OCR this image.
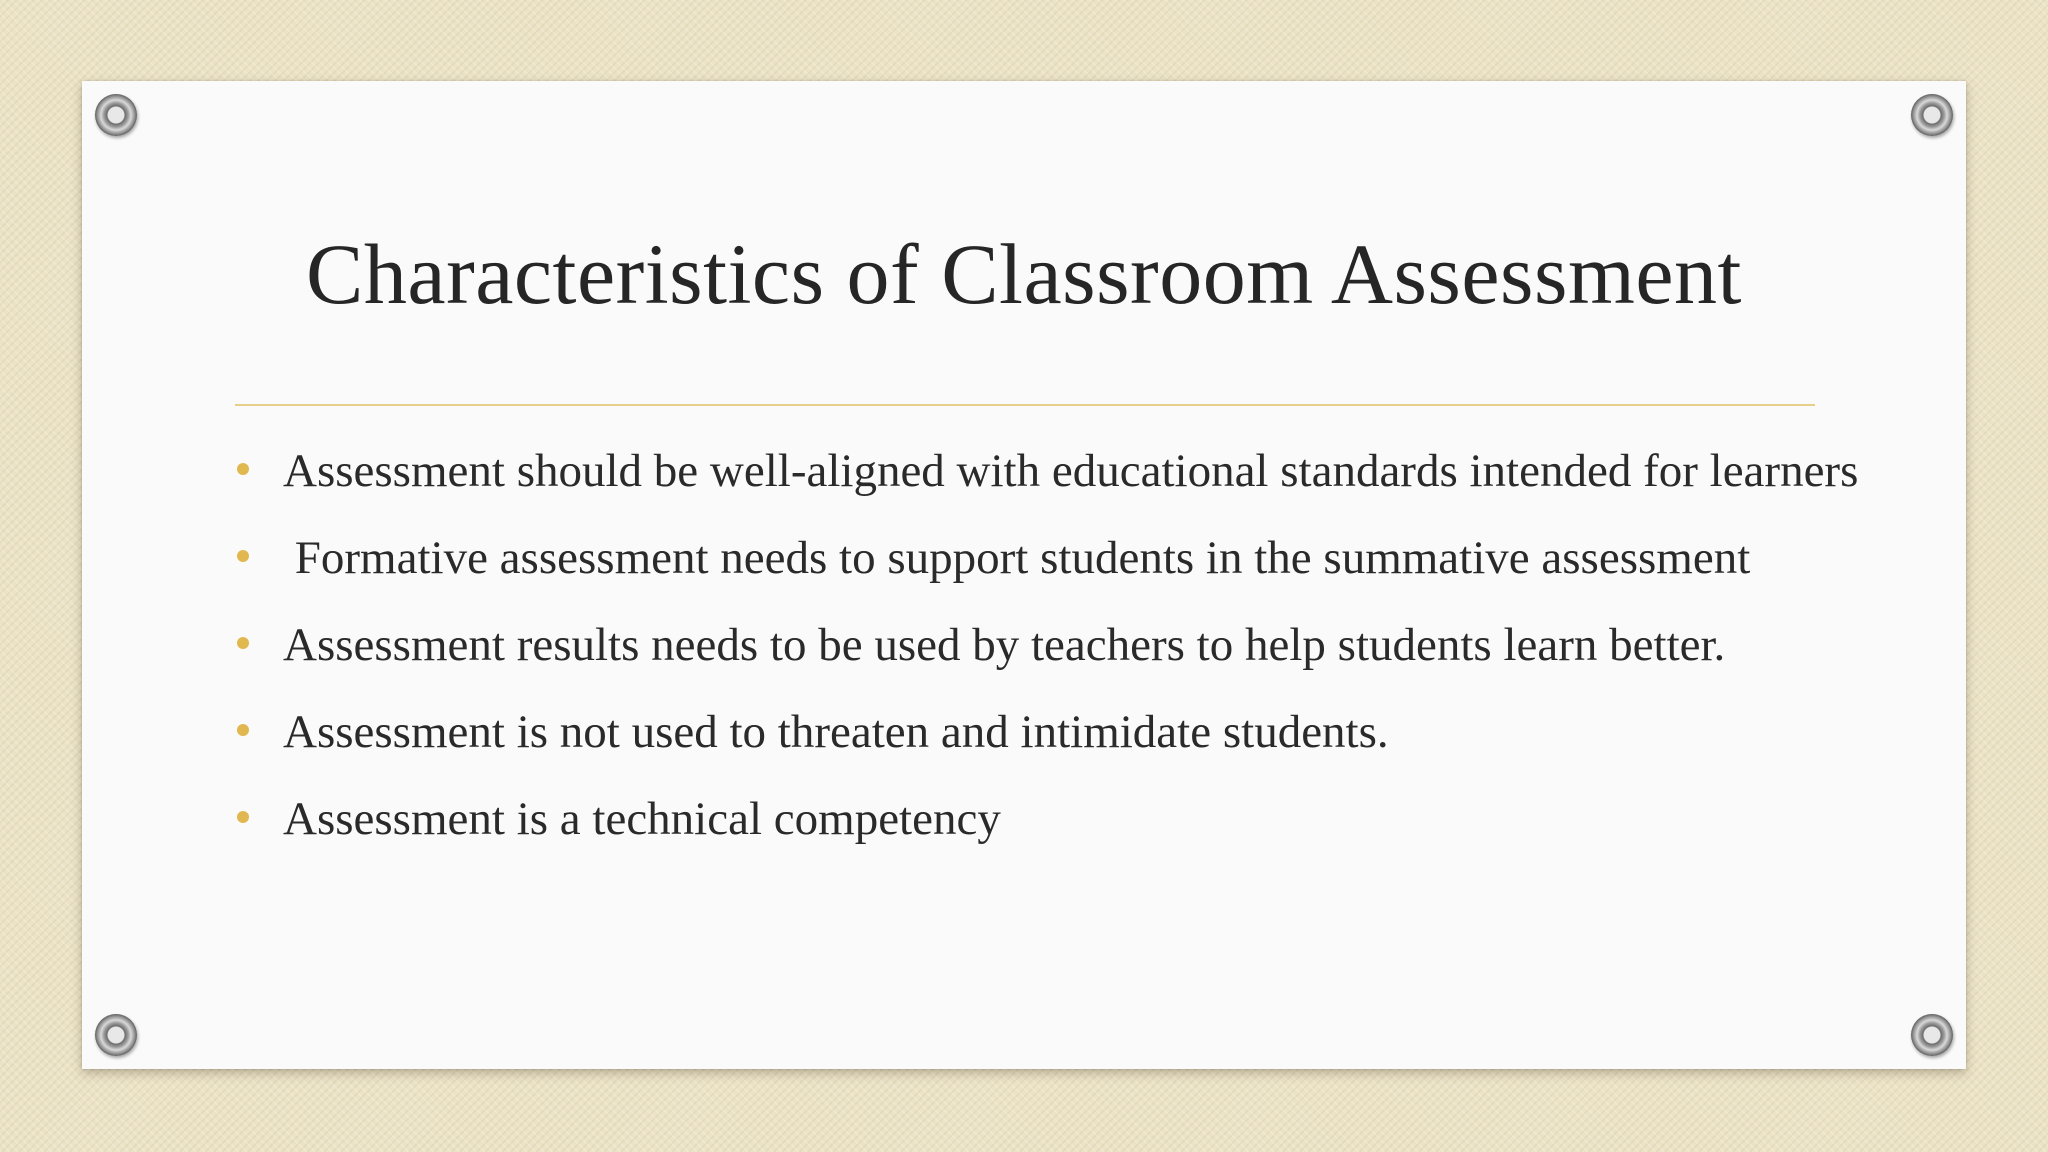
Characteristics of Classroom Assessment
Assessment should be well-aligned with educational standards intended for learners
Formative assessment needs to support students in the summative assessment
Assessment results needs to be used by teachers to help students learn better.
Assessment is not used to threaten and intimidate students.
Assessment is a technical competency
